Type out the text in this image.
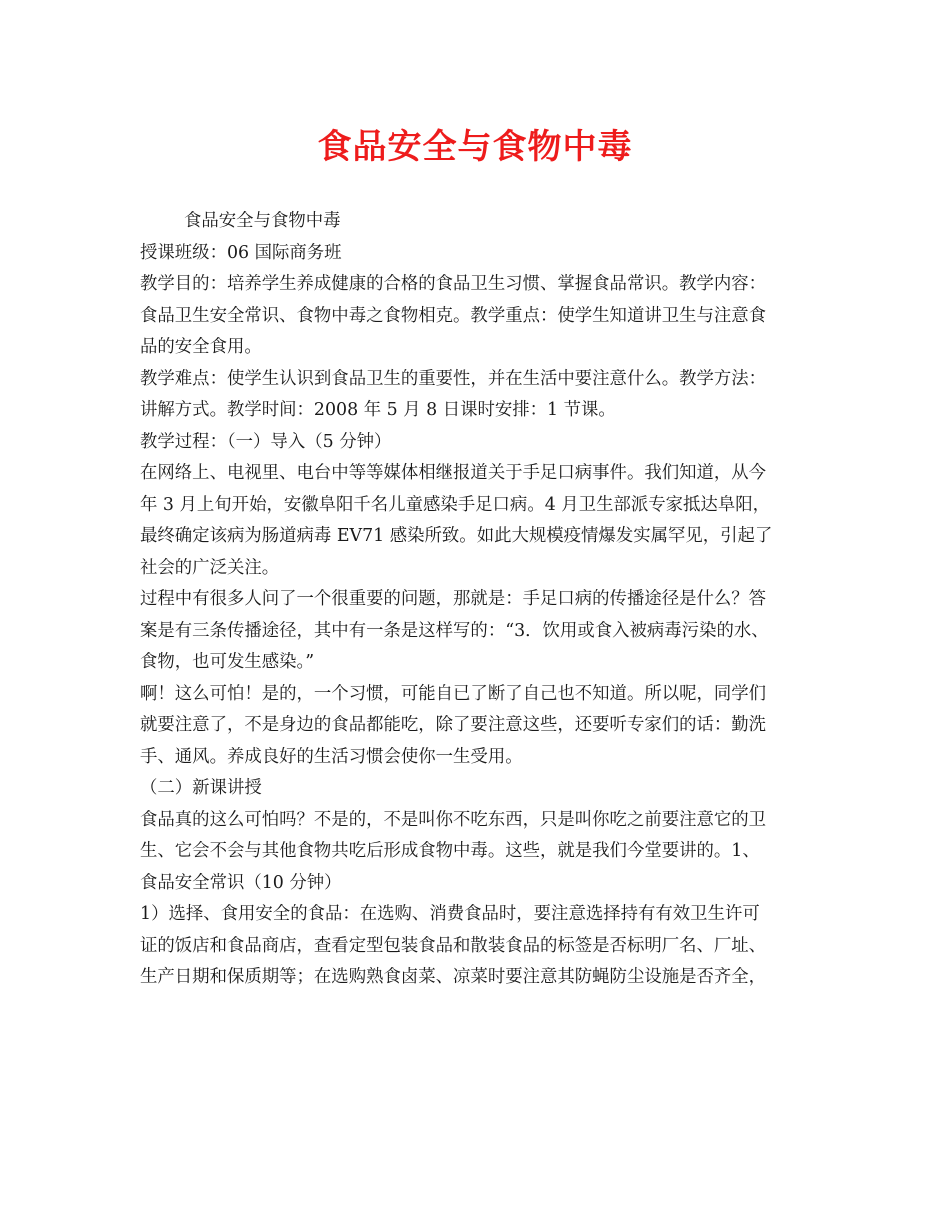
食品安全与食物中毒
食品安全与食物中毒
授课班级：06 国际商务班
教学目的：培养学生养成健康的合格的食品卫生习惯、掌握食品常识。教学内容：
食品卫生安全常识、食物中毒之食物相克。教学重点：使学生知道讲卫生与注意食
品的安全食用。
教学难点：使学生认识到食品卫生的重要性，并在生活中要注意什么。教学方法：
讲解方式。教学时间：2008 年 5 月 8 日课时安排：1 节课。
教学过程：（一）导入（5 分钟）
在网络上、电视里、电台中等等媒体相继报道关于手足口病事件。我们知道，从今
年 3 月上旬开始，安徽阜阳千名儿童感染手足口病。4 月卫生部派专家抵达阜阳，
最终确定该病为肠道病毒 EV71 感染所致。如此大规模疫情爆发实属罕见，引起了
社会的广泛关注。
过程中有很多人问了一个很重要的问题，那就是：手足口病的传播途径是什么？答
案是有三条传播途径，其中有一条是这样写的：“3．饮用或食入被病毒污染的水、
食物，也可发生感染。”
啊！这么可怕！是的，一个习惯，可能自已了断了自己也不知道。所以呢，同学们
就要注意了，不是身边的食品都能吃，除了要注意这些，还要听专家们的话：勤洗
手、通风。养成良好的生活习惯会使你一生受用。
（二）新课讲授
食品真的这么可怕吗？不是的，不是叫你不吃东西，只是叫你吃之前要注意它的卫
生、它会不会与其他食物共吃后形成食物中毒。这些，就是我们今堂要讲的。1、
食品安全常识（10 分钟）
1）选择、食用安全的食品：在选购、消费食品时，要注意选择持有有效卫生许可
证的饭店和食品商店，查看定型包装食品和散装食品的标签是否标明厂名、厂址、
生产日期和保质期等；在选购熟食卤菜、凉菜时要注意其防蝇防尘设施是否齐全，
